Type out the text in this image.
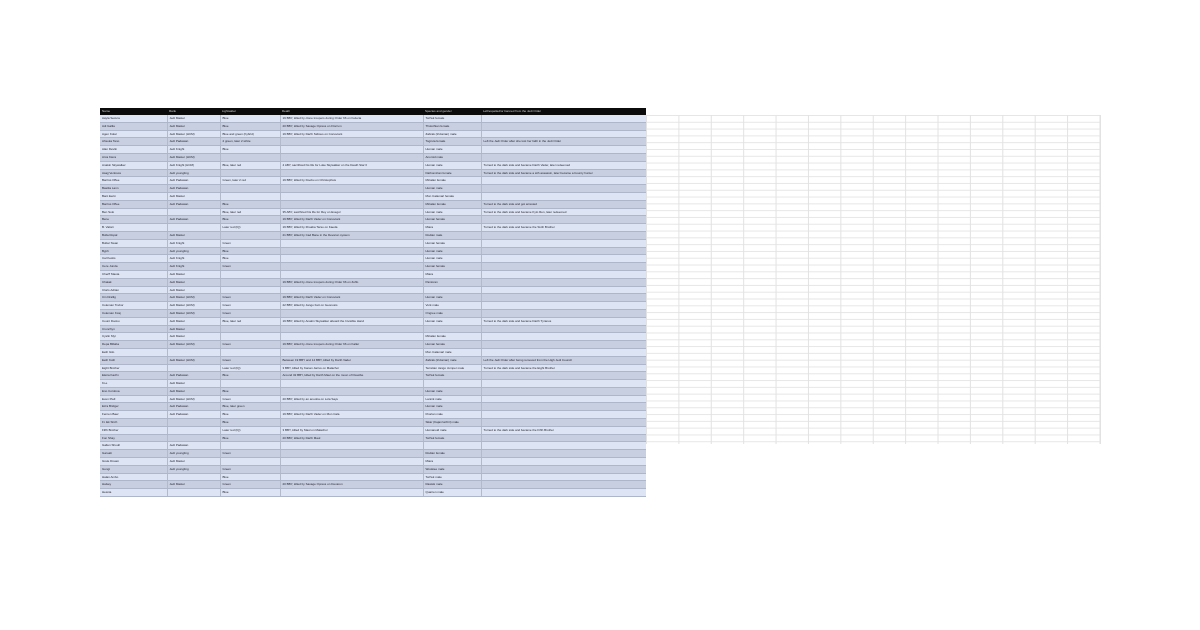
Name	Rank	Lightsaber	Death	Species and gender	Left/expelled/or banned from the Jedi Order
Aayla Secura	Jedi Master	Blue	19 BBY, killed by clone troopers during Order 66 on Felucia	Twi'lek female	
Adi Gallia	Jedi Master	Blue	20 BBY, killed by Savage Opress on Florrum	Tholothian female	
Agen Kolar	Jedi Master (HCM)	Blue and green (hybrid)	19 BBY, killed by Darth Sidious on Coruscant	Zabrak (Iridonian) male	
Ahsoka Tano	Jedi Padawan	2 green, later 2 white		Togruta female	Left the Jedi Order after she lost her faith in the Jedi Order
Alan Devlin	Jedi Knight	Blue		Human male	
Arca Kiera	Jedi Master (HCM)			Anomid male	
Anakin Skywalker	Jedi Knight (HCM)	Blue, later red	4 ABY, sacrificed his life for Luke Skywalker on the Death Star II	Human male	Turned to the dark side and became Darth Vader, later redeemed
Asajj Ventress	Jedi youngling			Dathomirian female	Turned to the dark side and became a sith assassin, later became a bounty hunter
Barriss Offee	Jedi Padawan	Green, later 2 red	19 BBY, killed by Doobu on Christophsis	Mirialan female	
Bastila Lann	Jedi Padawan			Human male	
Bant Eerin	Jedi Master			Mon Calamari female	
Barriss Offee	Jedi Padawan	Blue		Mirialan female	Turned to the dark side and got arrested
Ben Solo		Blue, later red	35 ABY, sacrificed his life for Rey on Exegol	Human male	Turned to the dark side and became Kylo Ren, later redeemed
Bene	Jedi Padawan	Blue	19 BBY, killed by Darth Vader on Coruscant	Human female	
B. Valorn		Later red (IQ)	19 BBY, killed by Ithoaba Tarso on Kaeda	Miara	Turned to the dark side and became the Sixth Brother
Bolla Ropal	Jedi Master		21 BBY, killed by Cad Bane in the Devaron system	Rodian male	
Bultar Swan	Jedi Knight	Green		Human female	
Byph	Jedi youngling	Blue		Human male	
Cal Kestis	Jedi Knight	Blue		Human male	
Cere Junda	Jedi Knight	Green		Human female	
Cherff Maota	Jedi Master			Miara	
Chatak	Jedi Master		19 BBY, killed by clone troopers during Order 66 on Zoffo	Pantoran	
Cloris Adrian	Jedi Master				
Cin Drallig	Jedi Master (HCM)	Green	19 BBY, killed by Darth Vader on Coruscant	Human male	
Coleman Trebor	Jedi Master (HCM)	Green	22 BBY, killed by Jango Fett on Geonosis	Vurk male	
Coleman Kcaj	Jedi Master (HCM)	Green		Ongree male	
Count Dooku	Jedi Master	Blue, later red	19 BBY, killed by Anakin Skywalker aboard the Invisible Hand	Human male	Turned to the dark side and became Darth Tyranus
Crunchyn	Jedi Master				
Cyslin Myr	Jedi Master			Mirialan female	
Depa Billaba	Jedi Master (HCM)	Green	19 BBY, killed by clone troopers during Order 66 on Kaller	Human female	
Eeth Gilo				Mon Calamari male	
Eeth Koth	Jedi Master (HCM)	Green	Between 19 BBY and 14 BBY, killed by Darth Vader	Zabrak (Iridonian) male	Left the Jedi Order after being removed from the High Jedi Council
Eight Brother		Later red (IQ)	3 BBY, killed by Kanan Jarrus on Malachor	Terrelian Jango Jumper male	Turned to the dark side and became the Eight Brother
Eleira Kadi'n	Jedi Padawan	Blue	Around 32 BBY, killed by Darth Maul on the moon of Dxaxibe	Twi'lek female	
Ki-e	Jedi Master				
Eno Cordova	Jedi Master	Blue		Human male	
Even Piell	Jedi Master (HCM)	Green	20 BBY, killed by an anooba on Lola Sayu	Lannik male	
Ezra Bridger	Jedi Padawan	Blue, later green		Human male	
Fenren Baer	Jedi Padawan	Blue	19 BBY, killed by Darth Vader on Mon Cala	Ithorian male	
Fi. Ek Sirch		Blue		Sikar (Kajan'sa'Kiri) male	
Fifth Brother		Later red (IQ)	3 BBY, killed by Maul on Malachor	Humanoid male	Turned to the dark side and became the Fifth Brother
Fon Shay		Blue	20 BBY, killed by Darth Maul	Twi'lek female	
Gallen Shoull	Jedi Padawan				
Garoab	Jedi youngling	Green		Rodian female	
Grele Dream	Jedi Master			Miara	
Gungi	Jedi youngling	Green		Wookiee male	
Halan Ambo		Blue		Twi'lek male	
Halsey	Jedi Master	Green	20 BBY, killed by Savage Opress on Devaron	Rawwk male	
Hesnia		Blue		Quarren male	
